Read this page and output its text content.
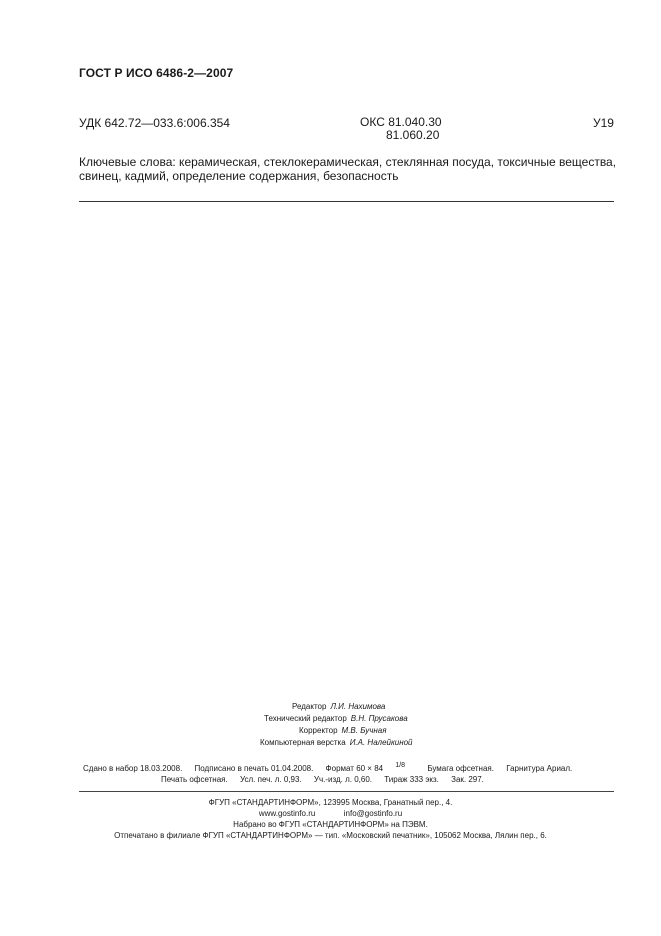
ГОСТ Р ИСО 6486-2—2007
УДК 642.72—033.6:006.354	ОКС 81.040.30
81.060.20
У19
Ключевые слова: керамическая, стеклокерамическая, стеклянная посуда, токсичные вещества, свинец, кадмий, определение содержания, безопасность
Редактор Л.И. Нахимова
Технический редактор В.Н. Прусакова
Корректор М.В. Бучная
Компьютерная верстка И.А. Налейкиной
Сдано в набор 18.03.2008. Подписано в печать 01.04.2008. Формат 60 × 84 1/8	Бумага офсетная. Гарнитура Ариал.
Печать офсетная. Усл. печ. л. 0,93. Уч.-изд. л. 0,60. Тираж 333 экз. Зак. 297.
ФГУП «СТАНДАРТИНФОРМ», 123995 Москва, Гранатный пер., 4.
www.gostinfo.ru	info@gostinfo.ru
Набрано во ФГУП «СТАНДАРТИНФОРМ» на ПЭВМ.
Отпечатано в филиале ФГУП «СТАНДАРТИНФОРМ» — тип. «Московский печатник», 105062 Москва, Лялин пер., 6.
